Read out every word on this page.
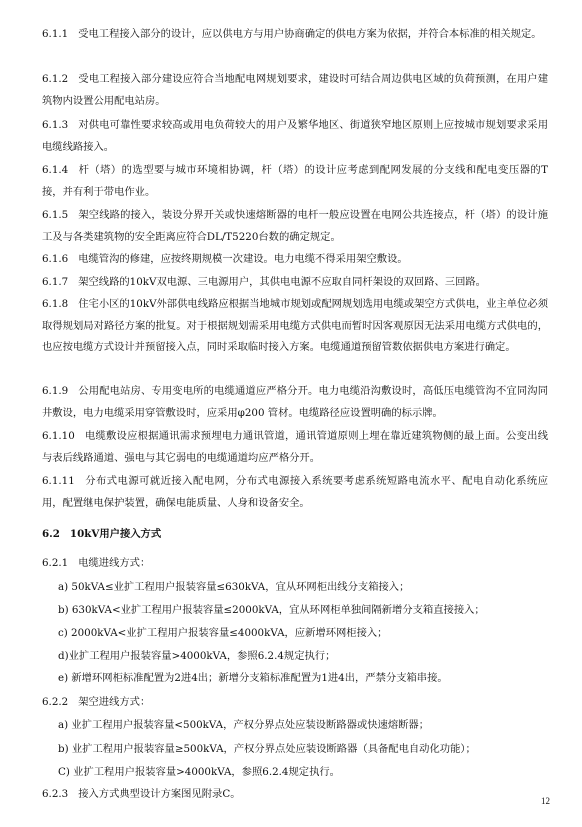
6.1.1 受电工程接入部分的设计，应以供电方与用户协商确定的供电方案为依据，并符合本标准的相关规定。
6.1.2 受电工程接入部分建设应符合当地配电网规划要求，建设时可结合周边供电区域的负荷预测，在用户建筑物内设置公用配电站房。
6.1.3 对供电可靠性要求较高或用电负荷较大的用户及繁华地区、街道狭窄地区原则上应按城市规划要求采用电缆线路接入。
6.1.4 杆（塔）的选型要与城市环境相协调，杆（塔）的设计应考虑到配网发展的分支线和配电变压器的T接，并有利于带电作业。
6.1.5 架空线路的接入，装设分界开关或快速熔断器的电杆一般应设置在电网公共连接点，杆（塔）的设计施工及与各类建筑物的安全距离应符合DL/T5220台数的确定规定。
6.1.6 电缆管沟的修建，应按终期规模一次建设。电力电缆不得采用架空敷设。
6.1.7 架空线路的10kV双电源、三电源用户，其供电电源不应取自同杆架设的双回路、三回路。
6.1.8 住宅小区的10kV外部供电线路应根据当地城市规划或配网规划选用电缆或架空方式供电，业主单位必须取得规划局对路径方案的批复。对于根据规划需采用电缆方式供电而暂时因客观原因无法采用电缆方式供电的，也应按电缆方式设计并预留接入点，同时采取临时接入方案。电缆通道预留管数依据供电方案进行确定。
6.1.9 公用配电站房、专用变电所的电缆通道应严格分开。电力电缆沿沟敷设时，高低压电缆管沟不宜同沟同井敷设，电力电缆采用穿管敷设时，应采用φ200 管材。电缆路径应设置明确的标示牌。
6.1.10 电缆敷设应根据通讯需求预埋电力通讯管道，通讯管道原则上埋在靠近建筑物侧的最上面。公变出线与表后线路通道、强电与其它弱电的电缆通道均应严格分开。
6.1.11 分布式电源可就近接入配电网，分布式电源接入系统要考虑系统短路电流水平、配电自动化系统应用，配置继电保护装置，确保电能质量、人身和设备安全。
6.2 10kV用户接入方式
6.2.1 电缆进线方式：
a) 50kVA≤业扩工程用户报装容量≤630kVA，宜从环网柜出线分支箱接入；
b) 630kVA<业扩工程用户报装容量≤2000kVA，宜从环网柜单独间隔新增分支箱直接接入；
c) 2000kVA<业扩工程用户报装容量≤4000kVA，应新增环网柜接入；
d)业扩工程用户报装容量>4000kVA，参照6.2.4规定执行；
e) 新增环网柜标准配置为2进4出；新增分支箱标准配置为1进4出，严禁分支箱串接。
6.2.2 架空进线方式：
a) 业扩工程用户报装容量<500kVA，产权分界点处应装设断路器或快速熔断器；
b) 业扩工程用户报装容量≥500kVA，产权分界点处应装设断路器（具备配电自动化功能）；
C) 业扩工程用户报装容量>4000kVA，参照6.2.4规定执行。
6.2.3 接入方式典型设计方案图见附录C。
12
